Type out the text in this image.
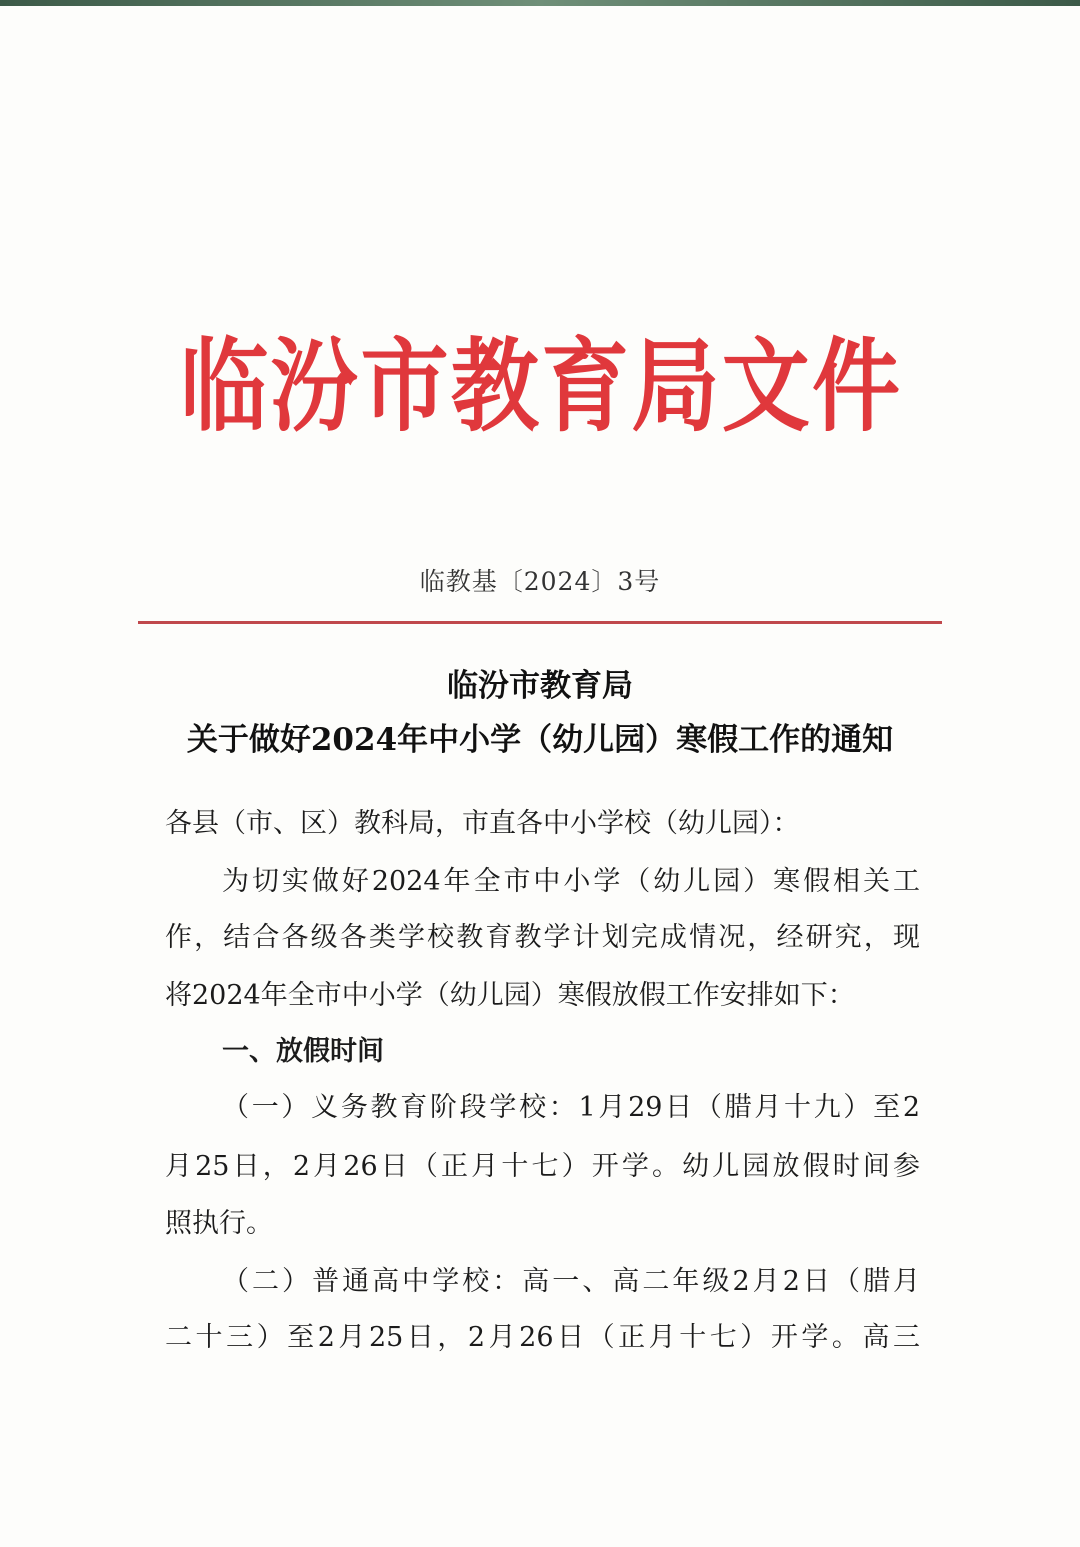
临汾市教育局文件
临教基〔2024〕3号
临汾市教育局
关于做好2024年中小学（幼儿园）寒假工作的通知
各县（市、区）教科局，市直各中小学校（幼儿园）：
为切实做好2024年全市中小学（幼儿园）寒假相关工
作，结合各级各类学校教育教学计划完成情况，经研究，现
将2024年全市中小学（幼儿园）寒假放假工作安排如下：
一、放假时间
（一）义务教育阶段学校：1月29日（腊月十九）至2
月25日，2月26日（正月十七）开学。幼儿园放假时间参
照执行。
（二）普通高中学校：高一、高二年级2月2日（腊月
二十三）至2月25日，2月26日（正月十七）开学。高三
